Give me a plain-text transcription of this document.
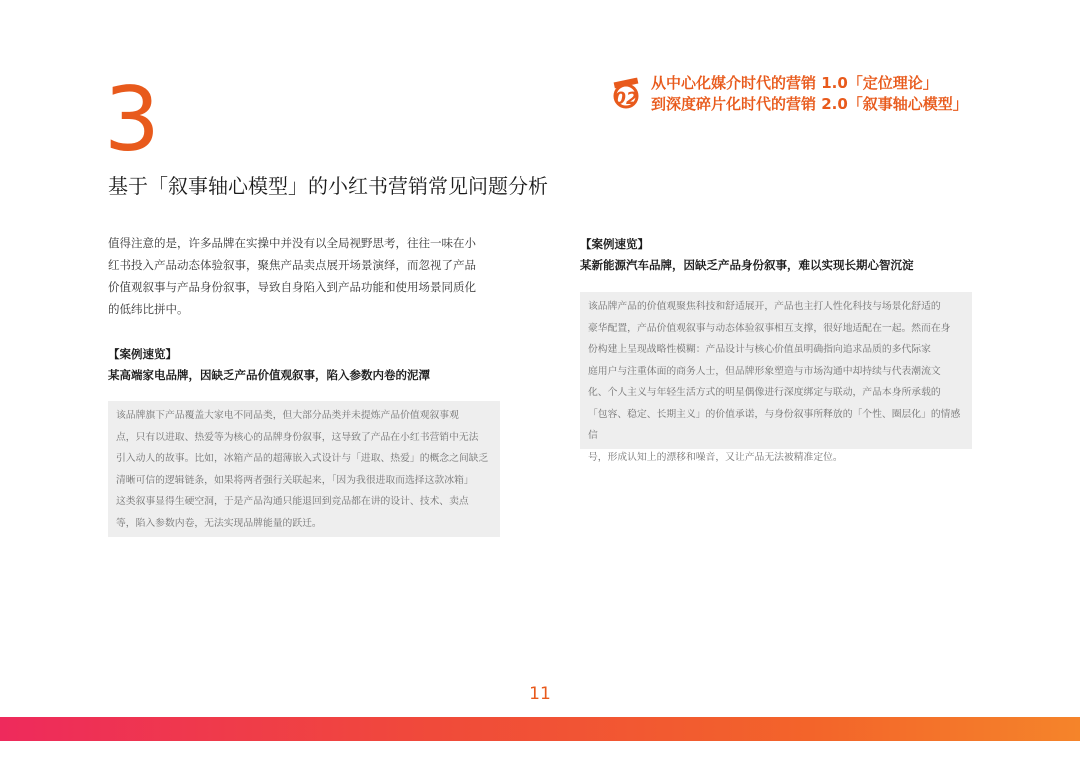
3	02
从中心化媒介时代的营销 1.0「定位理论」
到深度碎片化时代的营销 2.0「叙事轴心模型」
基于「叙事轴心模型」的小红书营销常见问题分析
值得注意的是，许多品牌在实操中并没有以全局视野思考，往往一味在小
红书投入产品动态体验叙事，聚焦产品卖点展开场景演绎，而忽视了产品
价值观叙事与产品身份叙事，导致自身陷入到产品功能和使用场景同质化
的低纬比拼中。
【案例速览】
某高端家电品牌，因缺乏产品价值观叙事，陷入参数内卷的泥潭
该品牌旗下产品覆盖大家电不同品类，但大部分品类并未提炼产品价值观叙事观
点，只有以进取、热爱等为核心的品牌身份叙事，这导致了产品在小红书营销中无法
引入动人的故事。比如，冰箱产品的超薄嵌入式设计与「进取、热爱」的概念之间缺乏
清晰可信的逻辑链条，如果将两者强行关联起来，「因为我很进取而选择这款冰箱」
这类叙事显得生硬空洞，于是产品沟通只能退回到竞品都在讲的设计、技术、卖点
等，陷入参数内卷，无法实现品牌能量的跃迁。
【案例速览】
某新能源汽车品牌，因缺乏产品身份叙事，难以实现长期心智沉淀
该品牌产品的价值观聚焦科技和舒适展开，产品也主打人性化科技与场景化舒适的
豪华配置，产品价值观叙事与动态体验叙事相互支撑，很好地适配在一起。然而在身
份构建上呈现战略性模糊：产品设计与核心价值虽明确指向追求品质的多代际家
庭用户与注重体面的商务人士，但品牌形象塑造与市场沟通中却持续与代表潮流文
化、个人主义与年轻生活方式的明星偶像进行深度绑定与联动，产品本身所承载的
「包容、稳定、长期主义」的价值承诺，与身份叙事所释放的「个性、圈层化」的情感信
号，形成认知上的漂移和噪音，又让产品无法被精准定位。
11
